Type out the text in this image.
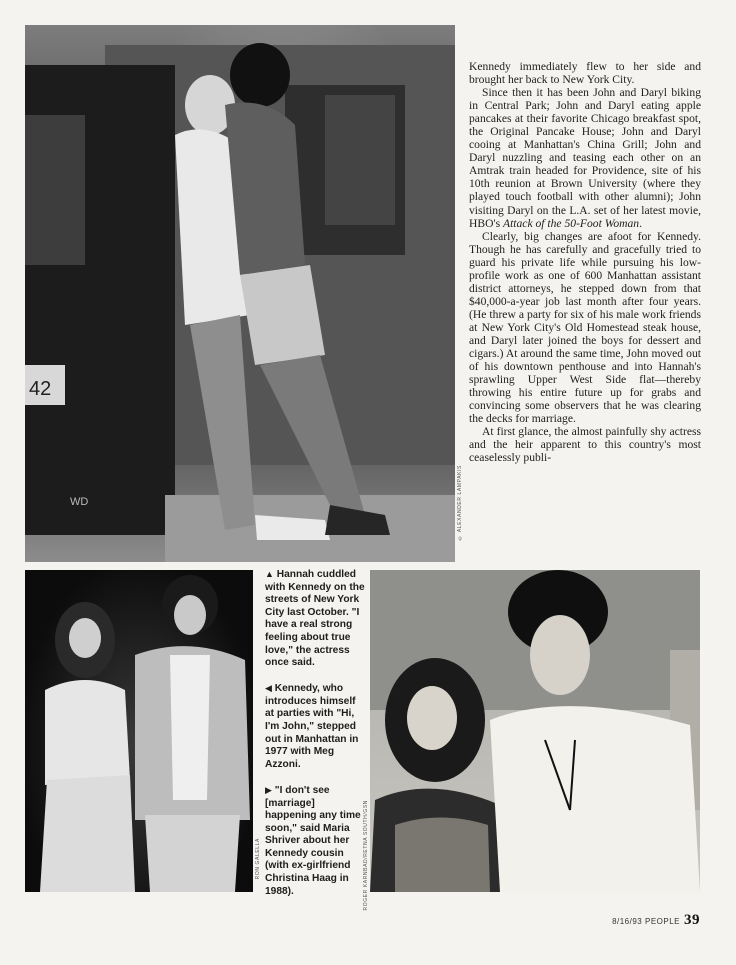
42
WD	© ALEXANDER LAMPAKIS

Kennedy immediately flew to her side and brought her back to New York City.

Since then it has been John and Daryl biking in Central Park; John and Daryl eating apple pancakes at their favorite Chicago breakfast spot, the Original Pancake House; John and Daryl cooing at Manhattan's China Grill; John and Daryl nuzzling and teasing each other on an Amtrak train headed for Providence, site of his 10th reunion at Brown University (where they played touch football with other alumni); John visiting Daryl on the L.A. set of her latest movie, HBO's Attack of the 50-Foot Woman.

Clearly, big changes are afoot for Kennedy. Though he has carefully and gracefully tried to guard his private life while pursuing his low-profile work as one of 600 Manhattan assistant district attorneys, he stepped down from that $40,000-a-year job last month after four years. (He threw a party for six of his male work friends at New York City's Old Homestead steak house, and Daryl later joined the boys for dessert and cigars.) At around the same time, John moved out of his downtown penthouse and into Hannah's sprawling Upper West Side flat—thereby throwing his entire future up for grabs and convincing some observers that he was clearing the decks for marriage.

At first glance, the almost painfully shy actress and the heir apparent to this country's most ceaselessly publi-

RON GALELLA

▲ Hannah cuddled with Kennedy on the streets of New York City last October. "I have a real strong feeling about true love," the actress once said.

◀ Kennedy, who introduces himself at parties with "Hi, I'm John," stepped out in Manhattan in 1977 with Meg Azzoni.

▶ "I don't see [marriage] happening any time soon," said Maria Shriver about her Kennedy cousin (with ex-girlfriend Christina Haag in 1988).	ROGER KARNBAD/RETNA SOUTH/GSN
8/16/93 PEOPLE 39
